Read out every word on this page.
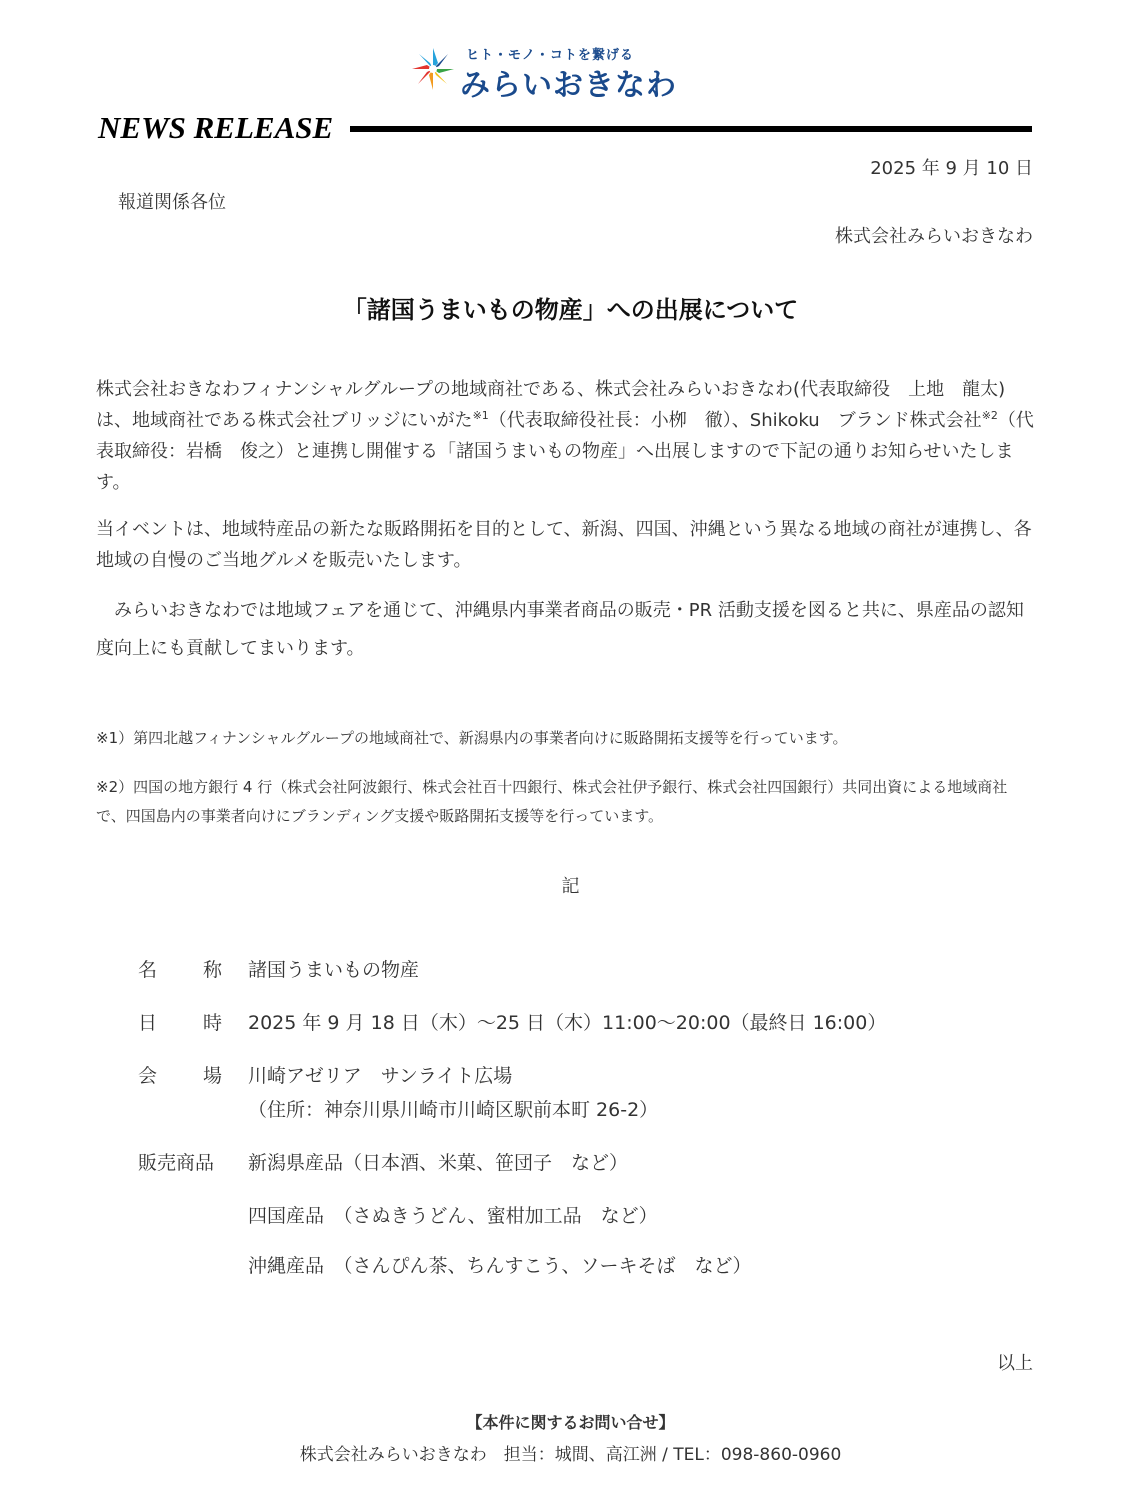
ヒト・モノ・コトを繋げる
みらいおきなわ
NEWS RELEASE
2025 年 9 月 10 日
報道関係各位
株式会社みらいおきなわ
「諸国うまいもの物産」への出展について
株式会社おきなわフィナンシャルグループの地域商社である、株式会社みらいおきなわ(代表取締役　上地　龍太)は、地域商社である株式会社ブリッジにいがた$^{※1}$（代表取締役社長：小栁　徹）、Shikoku　ブランド株式会社$^{※2}$（代表取締役：岩橋　俊之）と連携し開催する「諸国うまいもの物産」へ出展しますので下記の通りお知らせいたします。
当イベントは、地域特産品の新たな販路開拓を目的として、新潟、四国、沖縄という異なる地域の商社が連携し、各地域の自慢のご当地グルメを販売いたします。
　みらいおきなわでは地域フェアを通じて、沖縄県内事業者商品の販売・PR 活動支援を図ると共に、県産品の認知度向上にも貢献してまいります。
※1）第四北越フィナンシャルグループの地域商社で、新潟県内の事業者向けに販路開拓支援等を行っています。
※2）四国の地方銀行 4 行（株式会社阿波銀行、株式会社百十四銀行、株式会社伊予銀行、株式会社四国銀行）共同出資による地域商社で、四国島内の事業者向けにブランディング支援や販路開拓支援等を行っています。
記
名 称 諸国うまいもの物産
日 時 2025 年 9 月 18 日（木）～25 日（木）11:00～20:00（最終日 16:00）
会 場 川崎アゼリア　サンライト広場
（住所：神奈川県川崎市川崎区駅前本町 26-2）
販売商品	新潟県産品（日本酒、米菓、笹団子　など）
四国産品　（さぬきうどん、蜜柑加工品　など）
沖縄産品　（さんぴん茶、ちんすこう、ソーキそば　など）
以上
【本件に関するお問い合せ】
株式会社みらいおきなわ　担当：城間、高江洲 / TEL：098-860-0960
